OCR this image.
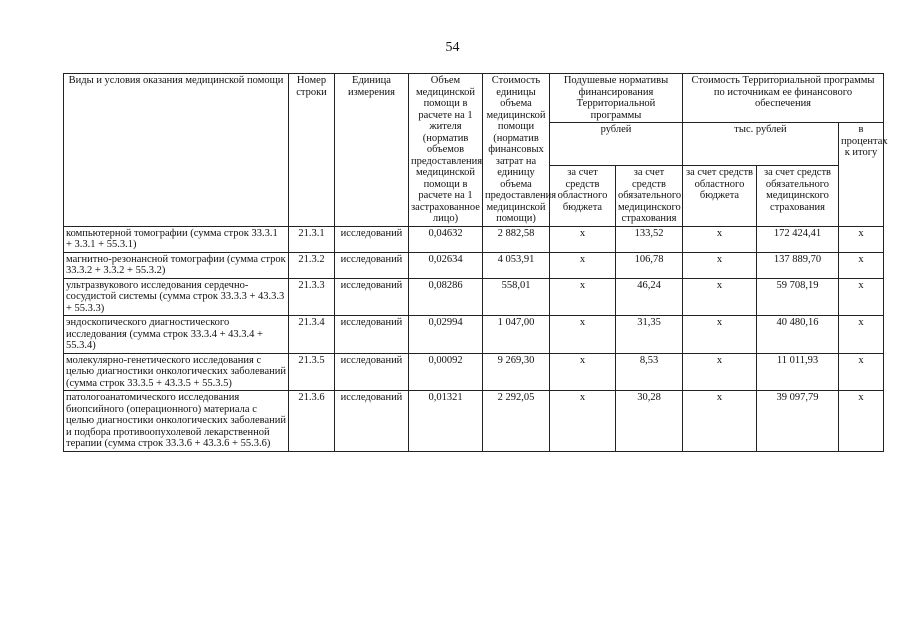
54
Виды и условия оказания медицинской помощи	Номер строки	Единица измерения	Объем медицинской помощи в расчете на 1 жителя (норматив объемов предоставления медицинской помощи в расчете на 1 застрахованное лицо)	Стоимость единицы объема медицинской помощи (норматив финансовых затрат на единицу объема предоставления медицинской помощи)	Подушевые нормативы финансирования Территориальной программы		Стоимость Территориальной программы по источникам ее финансового обеспечения		
					рублей		тыс. рублей		в процентах к итогу
					за счет средств областного бюджета	за счет средств обязательного медицинского страхования	за счет средств областного бюджета	за счет средств обязательного медицинского страхования	
компьютерной томографии (сумма строк 33.3.1 + 3.3.1 + 55.3.1)	21.3.1	исследований	0,04632	2 882,58	х	133,52	х	172 424,41	х
магнитно-резонансной томографии (сумма строк 33.3.2 + 3.3.2 + 55.3.2)	21.3.2	исследований	0,02634	4 053,91	х	106,78	х	137 889,70	х
ультразвукового исследования сердечно-сосудистой системы (сумма строк 33.3.3 + 43.3.3 + 55.3.3)	21.3.3	исследований	0,08286	558,01	х	46,24	х	59 708,19	х
эндоскопического диагностического исследования (сумма строк 33.3.4 + 43.3.4 + 55.3.4)	21.3.4	исследований	0,02994	1 047,00	х	31,35	х	40 480,16	х
молекулярно-генетического исследования с целью диагностики онкологических заболеваний (сумма строк 33.3.5 + 43.3.5 + 55.3.5)	21.3.5	исследований	0,00092	9 269,30	х	8,53	х	11 011,93	х
патологоанатомического исследования биопсийного (операционного) материала с целью диагностики онкологических заболеваний и подбора противоопухолевой лекарственной терапии (сумма строк 33.3.6 + 43.3.6 + 55.3.6)	21.3.6	исследований	0,01321	2 292,05	х	30,28	х	39 097,79	х
